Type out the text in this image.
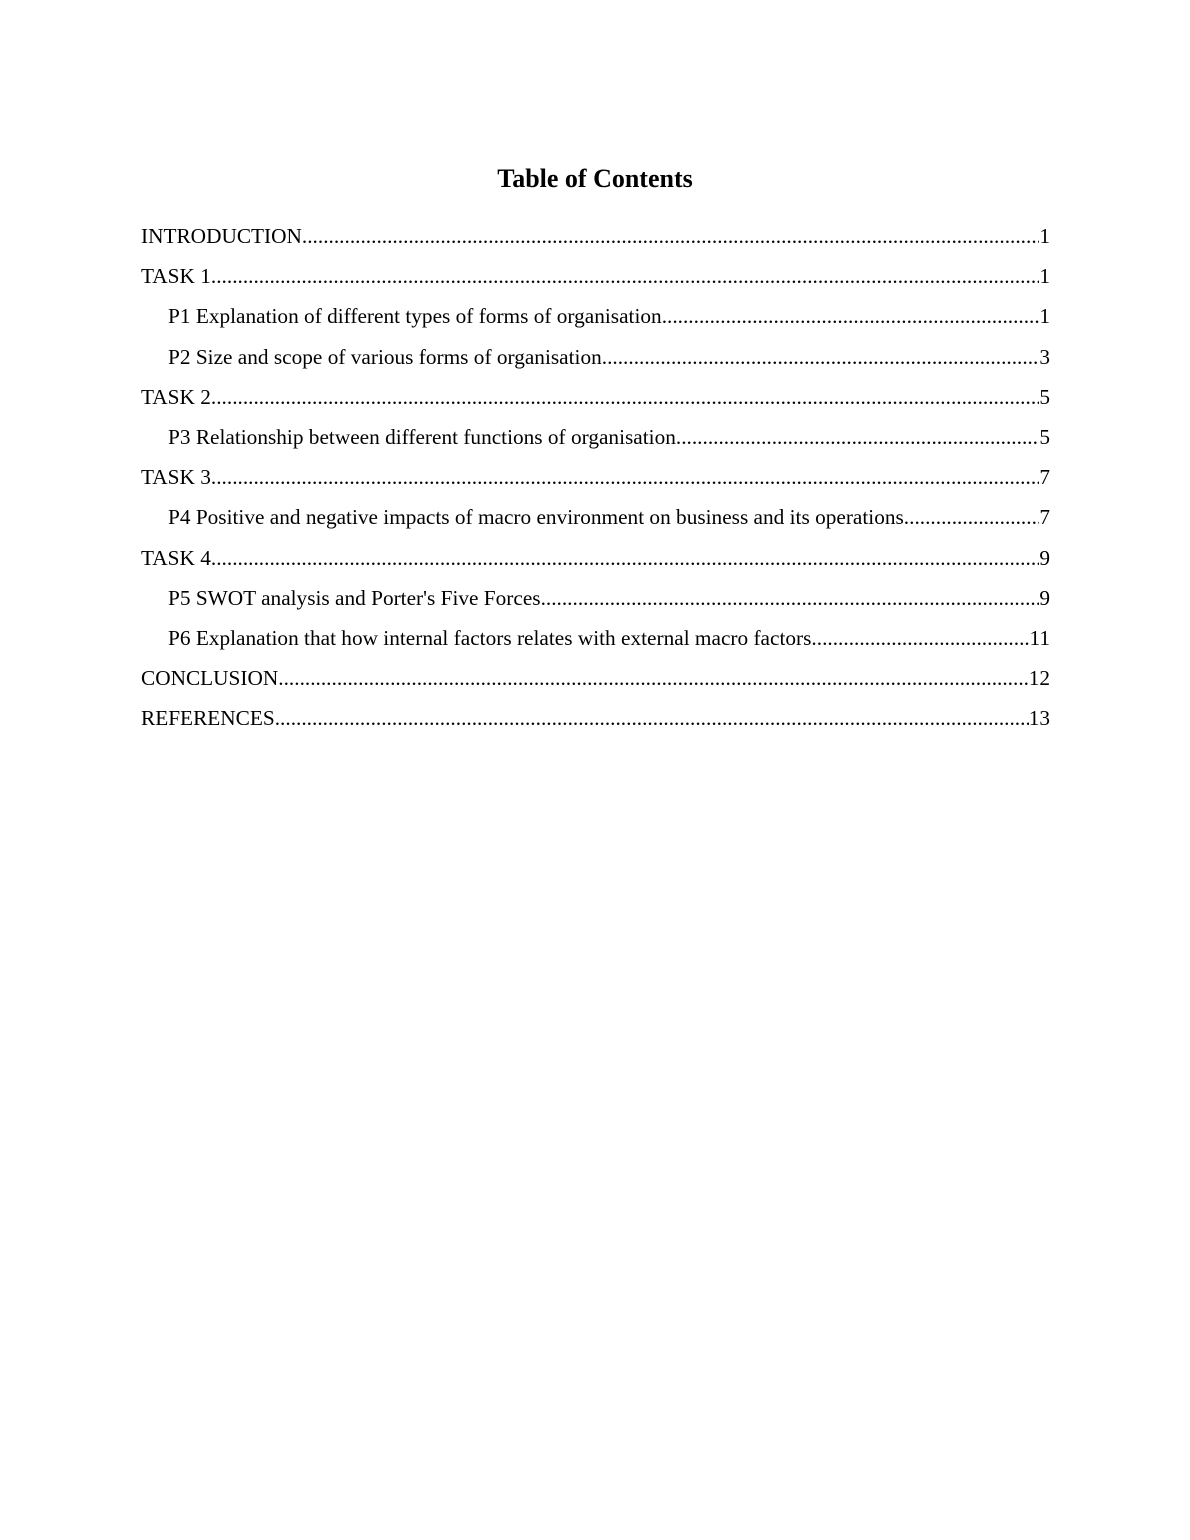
Table of Contents
INTRODUCTION .....	1
TASK 1 .....	1
P1 Explanation of different types of forms of organisation .....	1
P2 Size and scope of various forms of organisation .....	3
TASK 2 .....	5
P3 Relationship between different functions of organisation .....	5
TASK 3 .....	7
P4 Positive and negative impacts of macro environment on business and its operations .....	7
TASK 4 .....	9
P5 SWOT analysis and Porter's Five Forces .....	9
P6 Explanation that how internal factors relates with external macro factors .....	11
CONCLUSION .....	12
REFERENCES .....	13
